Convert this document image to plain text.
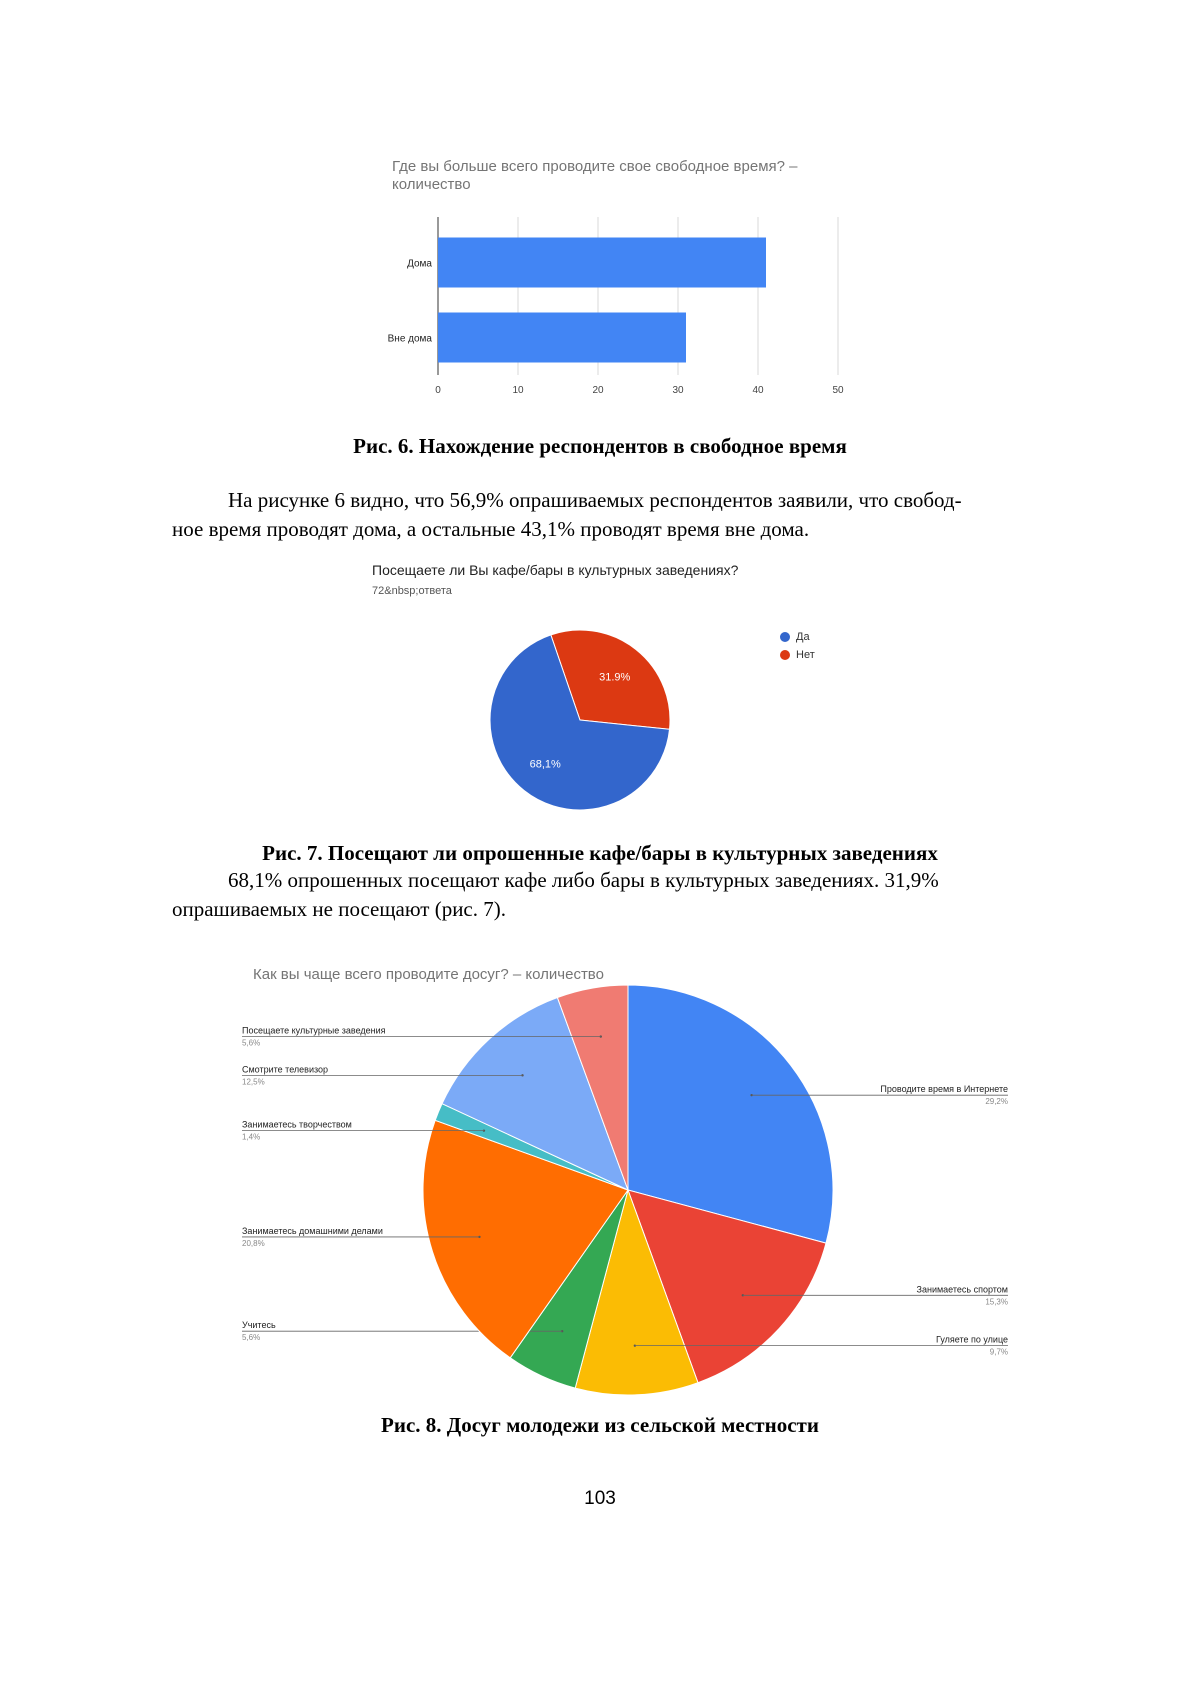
Где вы больше всего проводите свое свободное время? – количество
0	10	20	30	40	50
Дома
Вне дома
Рис. 6. Нахождение респондентов в свободное время
На рисунке 6 видно, что 56,9% опрашиваемых респондентов заявили, что свобод-
ное время проводят дома, а остальные 43,1% проводят время вне дома.
Посещаете ли Вы кафе/бары в культурных заведениях?
72&nbsp;ответа
31.9%
68,1%
Да
Нет
Рис. 7. Посещают ли опрошенные кафе/бары в культурных заведениях
68,1% опрошенных посещают кафе либо бары в культурных заведениях. 31,9%
опрашиваемых не посещают (рис. 7).
Как вы чаще всего проводите досуг? – количество
Проводите время в Интернете
29,2%
Занимаетесь спортом
15,3%
Гуляете по улице
9,7%
Учитесь
5,6%
Занимаетесь домашними делами
20,8%
Занимаетесь творчеством
1,4%
Смотрите телевизор
12,5%
Посещаете культурные заведения
5,6%
Рис. 8. Досуг молодежи из сельской местности
103
